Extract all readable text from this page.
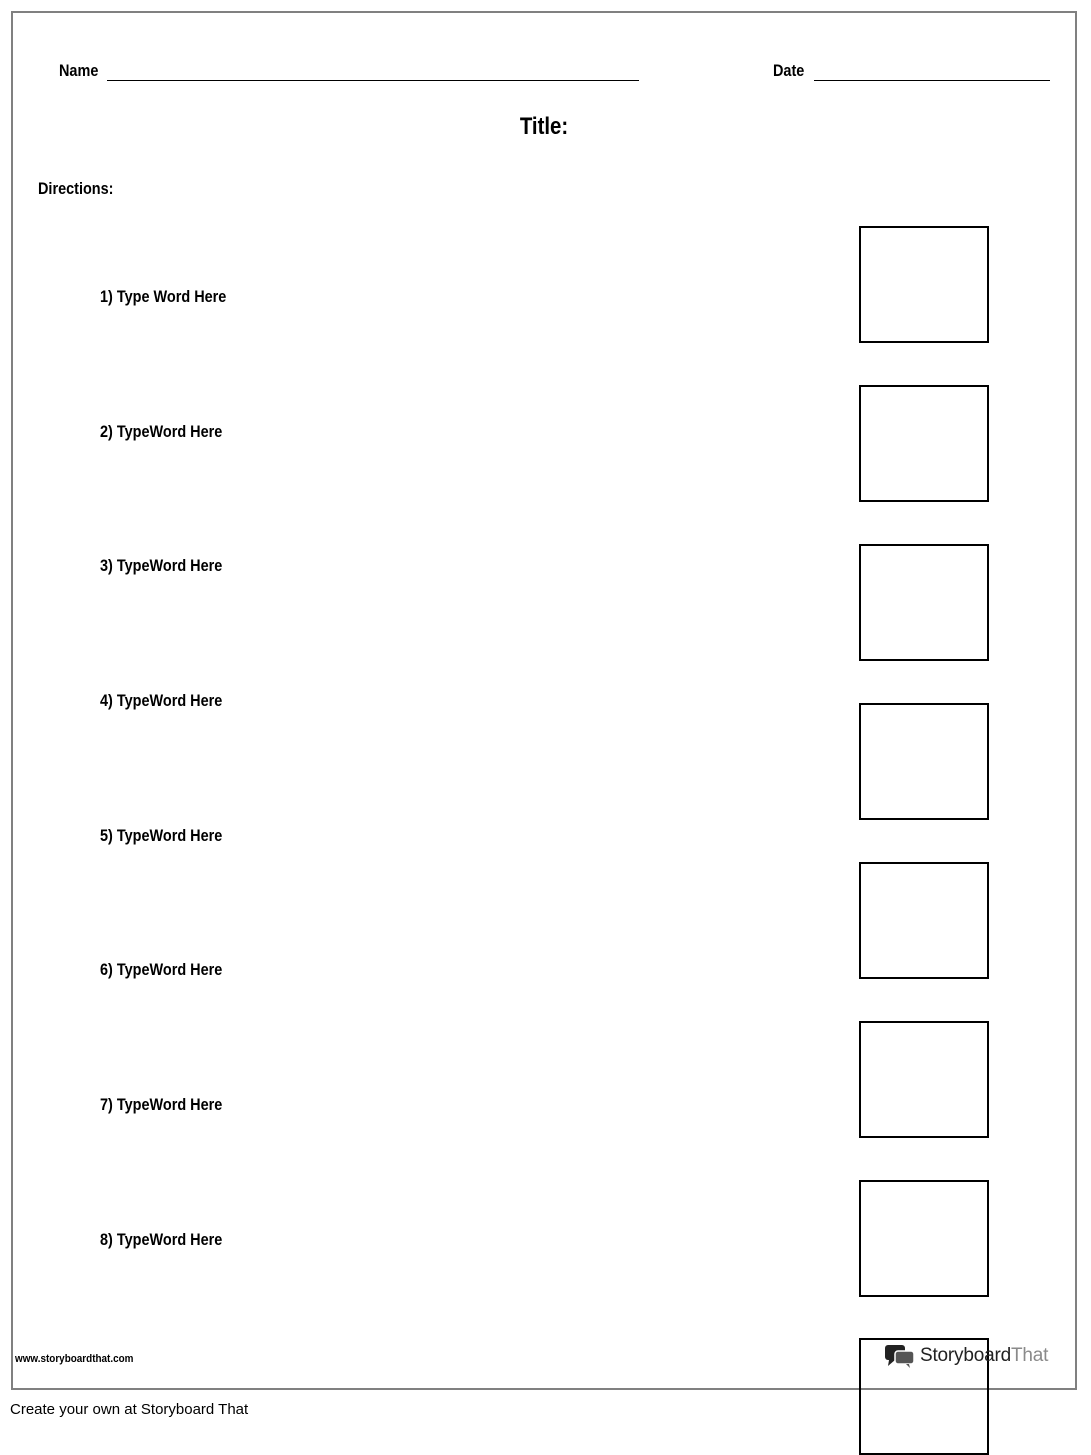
Name	Date
Title:
Directions:
1) Type Word Here
2) TypeWord Here
3) TypeWord Here
4) TypeWord Here
5) TypeWord Here
6) TypeWord Here
7) TypeWord Here
8) TypeWord Here
www.storyboardthat.com	StoryboardThat
Create your own at Storyboard That
